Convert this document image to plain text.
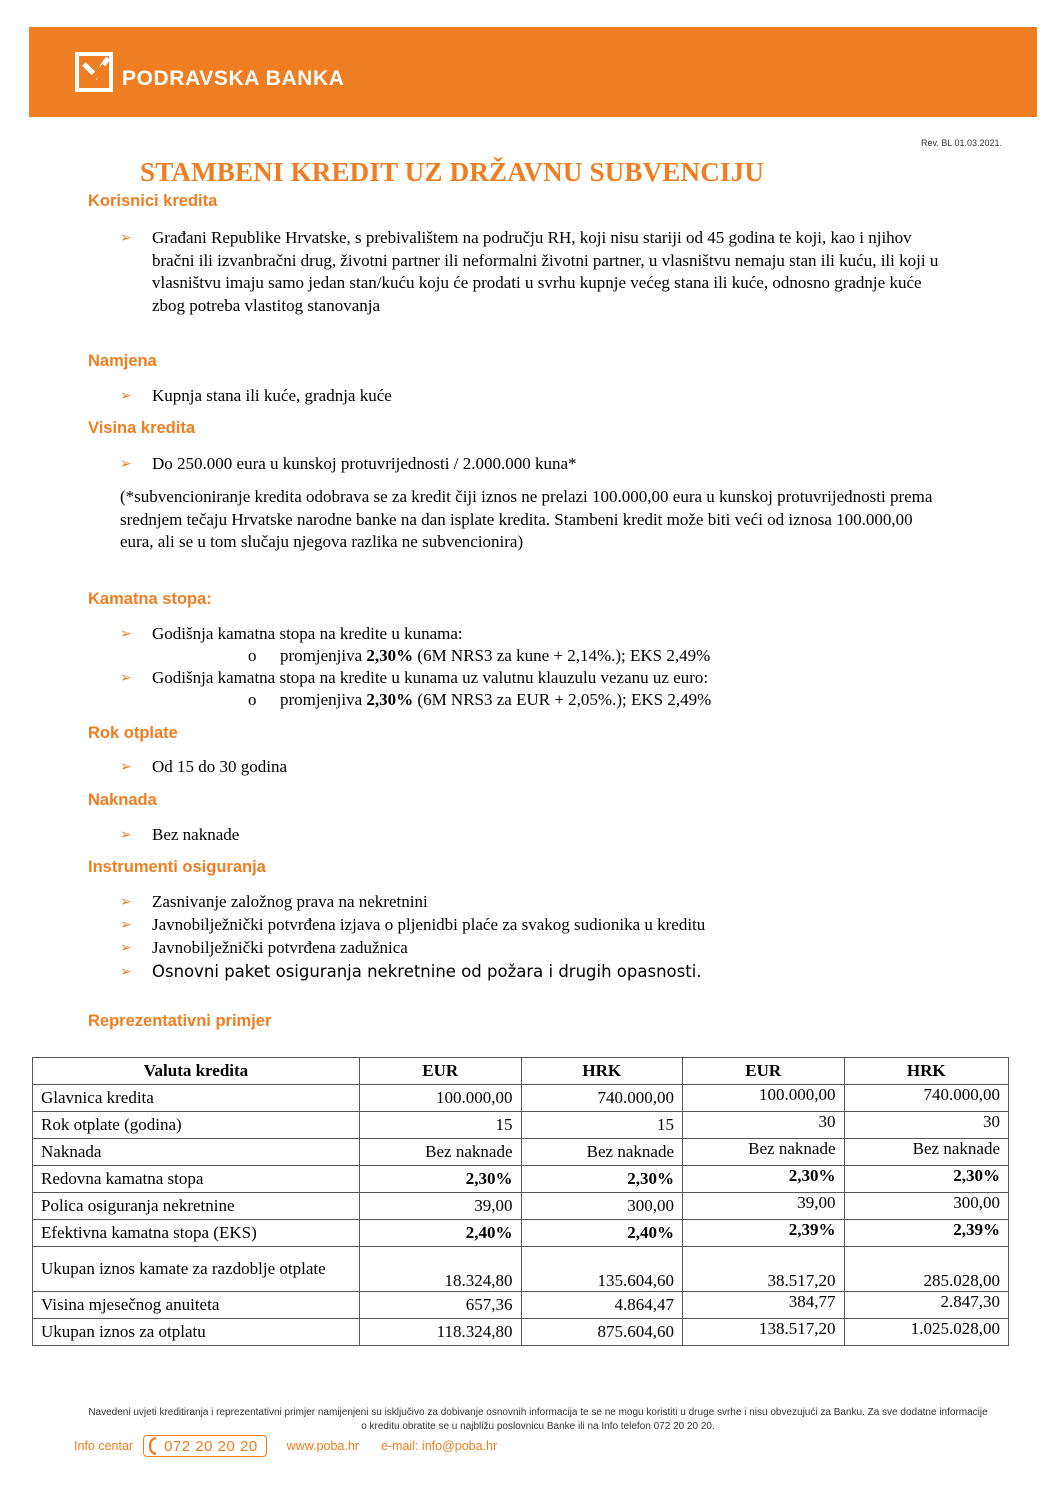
PODRAVSKA BANKA
Rev. BL 01.03.2021.
STAMBENI KREDIT UZ DRŽAVNU SUBVENCIJU
Korisnici kredita
➢ Građani Republike Hrvatske, s prebivalištem na području RH, koji nisu stariji od 45 godina te koji, kao i njihov bračni ili izvanbračni drug, životni partner ili neformalni životni partner, u vlasništvu nemaju stan ili kuću, ili koji u vlasništvu imaju samo jedan stan/kuću koju će prodati u svrhu kupnje većeg stana ili kuće, odnosno gradnje kuće zbog potreba vlastitog stanovanja
Namjena
➢ Kupnja stana ili kuće, gradnja kuće
Visina kredita
➢ Do 250.000 eura u kunskoj protuvrijednosti / 2.000.000 kuna*
(*subvencioniranje kredita odobrava se za kredit čiji iznos ne prelazi 100.000,00 eura u kunskoj protuvrijednosti prema srednjem tečaju Hrvatske narodne banke na dan isplate kredita. Stambeni kredit može biti veći od iznosa 100.000,00 eura, ali se u tom slučaju njegova razlika ne subvencionira)
Kamatna stopa:
➢ Godišnja kamatna stopa na kredite u kunama:
o promjenjiva 2,30% (6M NRS3 za kune + 2,14%.); EKS 2,49%
➢ Godišnja kamatna stopa na kredite u kunama uz valutnu klauzulu vezanu uz euro:
o promjenjiva 2,30% (6M NRS3 za EUR + 2,05%.); EKS 2,49%
Rok otplate
➢ Od 15 do 30 godina
Naknada
➢ Bez naknade
Instrumenti osiguranja
➢ Zasnivanje založnog prava na nekretnini
➢ Javnobilježnički potvrđena izjava o pljenidbi plaće za svakog sudionika u kreditu
➢ Javnobilježnički potvrđena zadužnica
➢ Osnovni paket osiguranja nekretnine od požara i drugih opasnosti.
Reprezentativni primjer
Valuta kredita	EUR	HRK	EUR	HRK
Glavnica kredita	100.000,00	740.000,00	100.000,00	740.000,00
Rok otplate (godina)	15	15	30	30
Naknada	Bez naknade	Bez naknade	Bez naknade	Bez naknade
Redovna kamatna stopa	2,30%	2,30%	2,30%	2,30%
Polica osiguranja nekretnine	39,00	300,00	39,00	300,00
Efektivna kamatna stopa (EKS)	2,40%	2,40%	2,39%	2,39%
Ukupan iznos kamate za razdoblje otplate	18.324,80	135.604,60	38.517,20	285.028,00
Visina mjesečnog anuiteta	657,36	4.864,47	384,77	2.847,30
Ukupan iznos za otplatu	118.324,80	875.604,60	138.517,20	1.025.028,00
Navedeni uvjeti kreditiranja i reprezentativni primjer namijenjeni su isključivo za dobivanje osnovnih informacija te se ne mogu koristiti u druge svrhe i nisu obvezujući za Banku. Za sve dodatne informacije o kreditu obratite se u najbližu poslovnicu Banke ili na Info telefon 072 20 20 20.
Info centar 072 20 20 20 www.poba.hr e-mail: info@poba.hr
